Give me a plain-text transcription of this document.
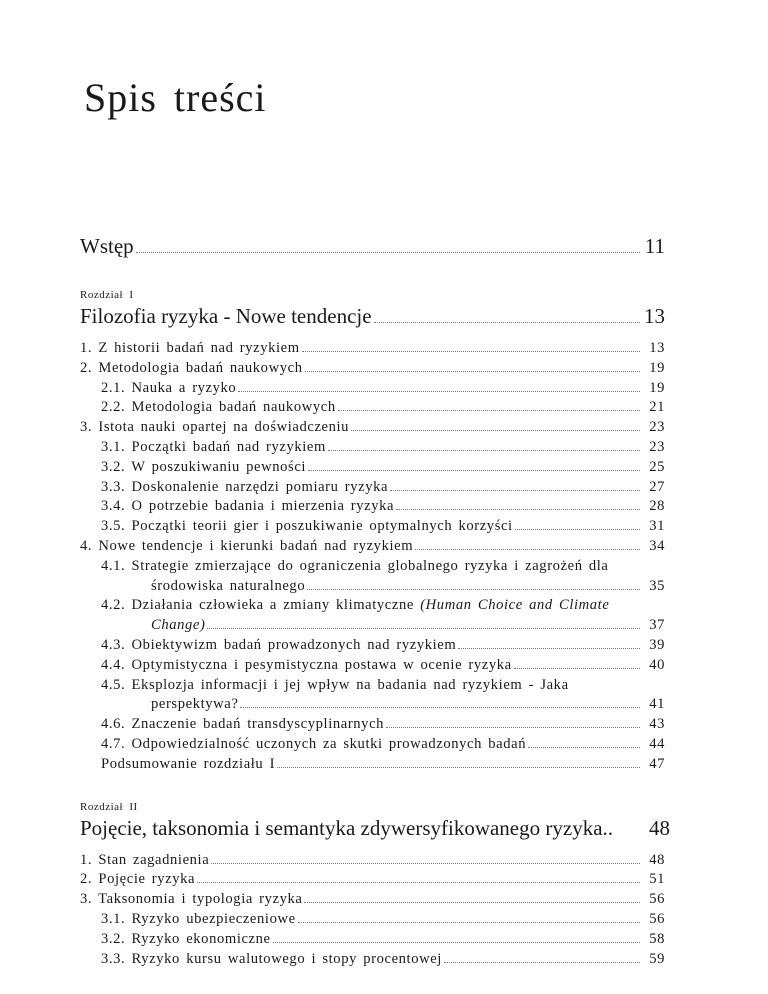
Spis treści
Wstęp	11
Rozdział I
Filozofia ryzyka - Nowe tendencje	13
1. Z historii badań nad ryzykiem	13
2. Metodologia badań naukowych	19
2.1. Nauka a ryzyko	19
2.2. Metodologia badań naukowych	21
3. Istota nauki opartej na doświadczeniu	23
3.1. Początki badań nad ryzykiem	23
3.2. W poszukiwaniu pewności	25
3.3. Doskonalenie narzędzi pomiaru ryzyka	27
3.4. O potrzebie badania i mierzenia ryzyka	28
3.5. Początki teorii gier i poszukiwanie optymalnych korzyści	31
4. Nowe tendencje i kierunki badań nad ryzykiem	34
4.1. Strategie zmierzające do ograniczenia globalnego ryzyka i zagrożeń dla
środowiska naturalnego	35
4.2. Działania człowieka a zmiany klimatyczne (Human Choice and Climate
Change)	37
4.3. Obiektywizm badań prowadzonych nad ryzykiem	39
4.4. Optymistyczna i pesymistyczna postawa w ocenie ryzyka	40
4.5. Eksplozja informacji i jej wpływ na badania nad ryzykiem - Jaka
perspektywa?	41
4.6. Znaczenie badań transdyscyplinarnych	43
4.7. Odpowiedzialność uczonych za skutki prowadzonych badań	44
Podsumowanie rozdziału I	47
Rozdział II
Pojęcie, taksonomia i semantyka zdywersyfikowanego ryzyka..	48
1. Stan zagadnienia	48
2. Pojęcie ryzyka	51
3. Taksonomia i typologia ryzyka	56
3.1. Ryzyko ubezpieczeniowe	56
3.2. Ryzyko ekonomiczne	58
3.3. Ryzyko kursu walutowego i stopy procentowej	59
